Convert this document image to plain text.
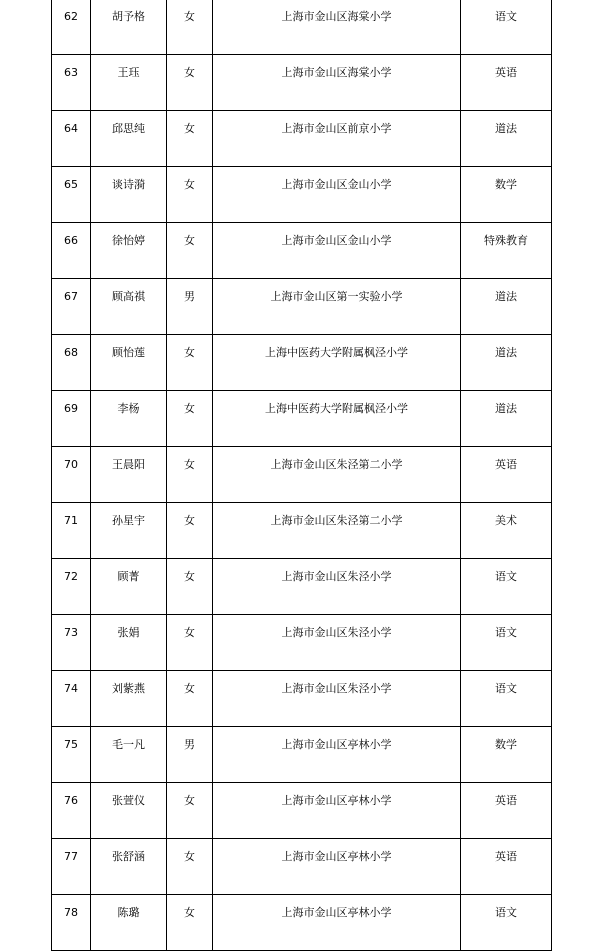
62	胡予格	女	上海市金山区海棠小学	语文

63	王珏	女	上海市金山区海棠小学	英语

64	邱思纯	女	上海市金山区前京小学	道法

65	谈诗漪	女	上海市金山区金山小学	数学

66	徐怡婷	女	上海市金山区金山小学	特殊教育

67	顾高祺	男	上海市金山区第一实验小学	道法

68	顾怡莲	女	上海中医药大学附属枫泾小学	道法

69	李杨	女	上海中医药大学附属枫泾小学	道法

70	王晨阳	女	上海市金山区朱泾第二小学	英语

71	孙星宇	女	上海市金山区朱泾第二小学	美术

72	顾菁	女	上海市金山区朱泾小学	语文

73	张娟	女	上海市金山区朱泾小学	语文

74	刘紫燕	女	上海市金山区朱泾小学	语文

75	毛一凡	男	上海市金山区亭林小学	数学

76	张萱仪	女	上海市金山区亭林小学	英语

77	张舒涵	女	上海市金山区亭林小学	英语

78	陈璐	女	上海市金山区亭林小学	语文
